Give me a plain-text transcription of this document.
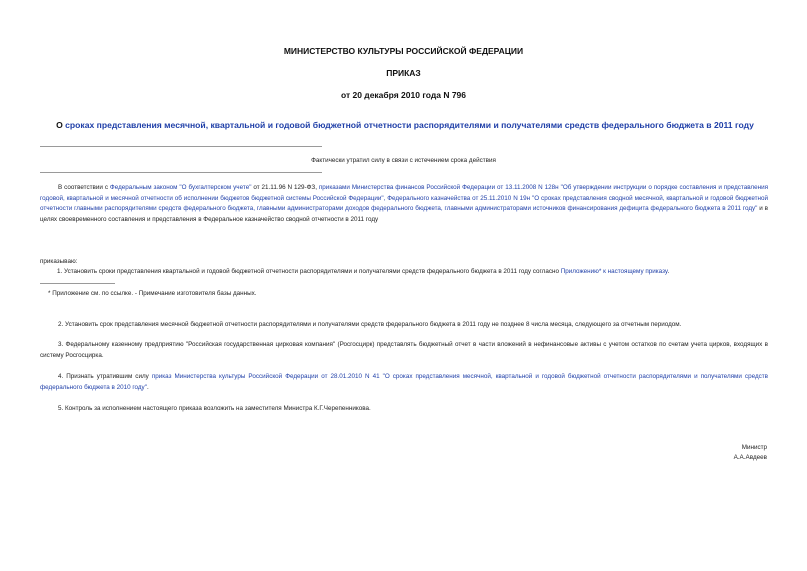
МИНИСТЕРСТВО КУЛЬТУРЫ РОССИЙСКОЙ ФЕДЕРАЦИИ
ПРИКАЗ
от 20 декабря 2010 года N 796
О сроках представления месячной, квартальной и годовой бюджетной отчетности распорядителями и получателями средств федерального бюджета в 2011 году
Фактически утратил силу в связи с истечением срока действия
В соответствии с Федеральным законом "О бухгалтерском учете" от 21.11.96 N 129-ФЗ, приказами Министерства финансов Российской Федерации от 13.11.2008 N 128н "Об утверждении инструкции о порядке составления и представления годовой, квартальной и месячной отчетности об исполнении бюджетов бюджетной системы Российской Федерации", Федерального казначейства от 25.11.2010 N 19н "О сроках представления сводной месячной, квартальной и годовой бюджетной отчетности главными распорядителями средств федерального бюджета, главными администраторами доходов федерального бюджета, главными администраторами источников финансирования дефицита федерального бюджета в 2011 году" и в целях своевременного составления и представления в Федеральное казначейство сводной отчетности в 2011 году
приказываю:
1. Установить сроки представления квартальной и годовой бюджетной отчетности распорядителями и получателями средств федерального бюджета в 2011 году согласно Приложению* к настоящему приказу.
* Приложение см. по ссылке. - Примечание изготовителя базы данных.
2. Установить срок представления месячной бюджетной отчетности распорядителями и получателями средств федерального бюджета в 2011 году не позднее 8 числа месяца, следующего за отчетным периодом.
3. Федеральному казенному предприятию "Российская государственная цирковая компания" (Росгосцирк) представлять бюджетный отчет в части вложений в нефинансовые активы с учетом остатков по счетам учета цирков, входящих в систему Росгосцирка.
4. Признать утратившим силу приказ Министерства культуры Российской Федерации от 28.01.2010 N 41 "О сроках представления месячной, квартальной и годовой бюджетной отчетности распорядителями и получателями средств федерального бюджета в 2010 году".
5. Контроль за исполнением настоящего приказа возложить на заместителя Министра К.Г.Черепенникова.
Министр
А.А.Авдеев
